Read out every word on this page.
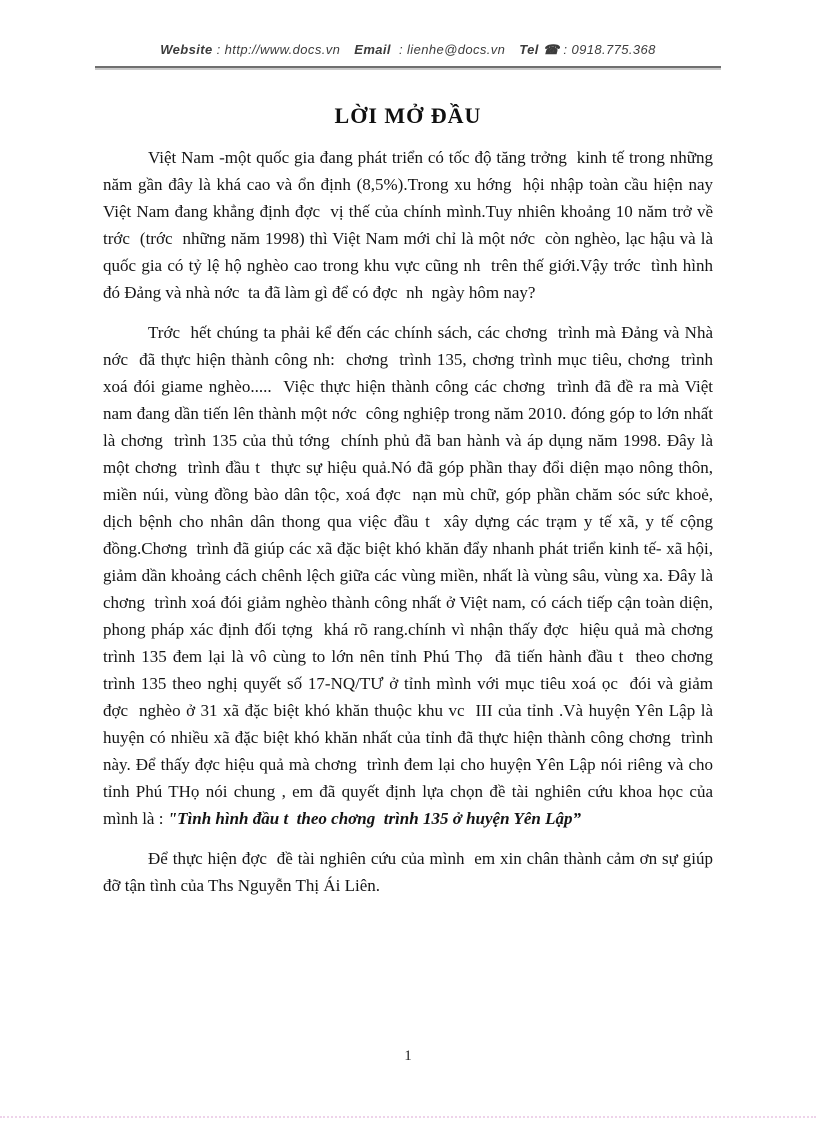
Website : http://www.docs.vn Email  : lienhe@docs.vn Tel ☎ : 0918.775.368
LỜI MỞ ĐẦU

Việt Nam -một quốc gia đang phát triển có tốc độ tăng trởng  kinh tế trong những năm gần đây là khá cao và ổn định (8,5%).Trong xu hớng  hội nhập toàn cầu hiện nay  Việt Nam đang khẳng định đợc  vị thế của chính mình.Tuy nhiên khoảng 10 năm trở về trớc  (trớc  những năm 1998) thì Việt Nam mới chỉ là một nớc  còn nghèo, lạc hậu và là quốc gia có tỷ lệ hộ nghèo cao trong khu vực cũng nh  trên thế giới.Vậy trớc  tình hình đó Đảng và nhà nớc  ta đã làm gì để có đợc  nh  ngày hôm nay?

Trớc  hết chúng ta phải kể đến các chính sách, các chơng  trình mà Đảng và Nhà nớc  đã thực hiện thành công nh:  chơng  trình 135, chơng trình mục tiêu, chơng  trình xoá đói giame nghèo.....  Việc thực hiện thành công các chơng  trình đã đề ra mà Việt nam đang dần tiến lên thành một nớc  công nghiệp trong năm 2010. đóng góp to lớn nhất là chơng  trình 135 của thủ tớng  chính phủ đã ban hành và áp dụng năm 1998. Đây là một chơng  trình đầu t  thực sự hiệu quả.Nó đã góp phần thay đổi diện mạo nông thôn, miền núi, vùng đồng bào dân tộc, xoá đợc  nạn mù chữ, góp phần chăm sóc sức khoẻ, dịch bệnh cho nhân dân thong qua việc đầu t  xây dựng các trạm y tế xã, y tế cộng đồng.Chơng  trình đã giúp các xã đặc biệt khó khăn đẩy nhanh phát triển kinh tế- xã hội, giảm dần khoảng cách chênh lệch giữa các vùng miền, nhất là vùng sâu, vùng xa. Đây là chơng  trình xoá đói giảm nghèo thành công nhất ở Việt nam, có cách tiếp cận toàn diện, phong pháp xác định đối tợng  khá rõ rang.chính vì nhận thấy đợc  hiệu quả mà chơng  trình 135 đem lại là vô cùng to lớn nên tỉnh Phú Thọ  đã tiến hành đầu t  theo chơng  trình 135 theo nghị quyết số 17-NQ/TƯ ở tỉnh mình với mục tiêu xoá ọc  đói và giảm đợc  nghèo ở 31 xã đặc biệt khó khăn thuộc khu vc  III của tỉnh .Và huyện Yên Lập là huyện có nhiều xã đặc biệt khó khăn nhất của tỉnh đã thực hiện thành công chơng  trình này. Để thấy đợc hiệu quả mà chơng  trình đem lại cho huyện Yên Lập nói riêng và cho tỉnh Phú THọ nói chung , em đã quyết định lựa chọn đề tài nghiên cứu khoa học của mình là : "Tình hình đầu t  theo chơng  trình 135 ở huyện Yên Lập”

Để thực hiện đợc  đề tài nghiên cứu của mình  em xin chân thành cảm ơn sự giúp đỡ tận tình của Ths Nguyễn Thị Ái Liên.

1
